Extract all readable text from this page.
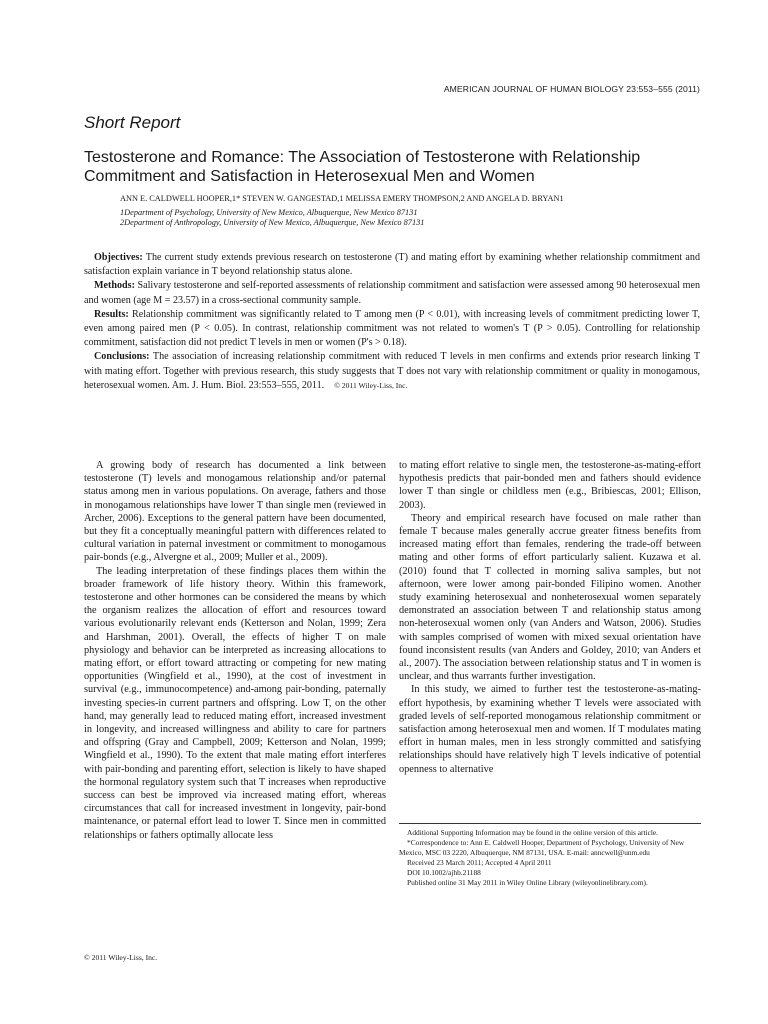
AMERICAN JOURNAL OF HUMAN BIOLOGY 23:553–555 (2011)
Short Report
Testosterone and Romance: The Association of Testosterone with Relationship Commitment and Satisfaction in Heterosexual Men and Women
ANN E. CALDWELL HOOPER,1* STEVEN W. GANGESTAD,1 MELISSA EMERY THOMPSON,2 AND ANGELA D. BRYAN1
1Department of Psychology, University of New Mexico, Albuquerque, New Mexico 87131
2Department of Anthropology, University of New Mexico, Albuquerque, New Mexico 87131

Objectives: The current study extends previous research on testosterone (T) and mating effort by examining whether relationship commitment and satisfaction explain variance in T beyond relationship status alone.

Methods: Salivary testosterone and self-reported assessments of relationship commitment and satisfaction were assessed among 90 heterosexual men and women (age M = 23.57) in a cross-sectional community sample.

Results: Relationship commitment was significantly related to T among men (P < 0.01), with increasing levels of commitment predicting lower T, even among paired men (P < 0.05). In contrast, relationship commitment was not related to women's T (P > 0.05). Controlling for relationship commitment, satisfaction did not predict T levels in men or women (P's > 0.18).

Conclusions: The association of increasing relationship commitment with reduced T levels in men confirms and extends prior research linking T with mating effort. Together with previous research, this study suggests that T does not vary with relationship commitment or quality in monogamous, heterosexual women. Am. J. Hum. Biol. 23:553–555, 2011. © 2011 Wiley-Liss, Inc.

A growing body of research has documented a link between testosterone (T) levels and monogamous relationship and/or paternal status among men in various populations. On average, fathers and those in monogamous relationships have lower T than single men (reviewed in Archer, 2006). Exceptions to the general pattern have been documented, but they fit a conceptually meaningful pattern with differences related to cultural variation in paternal investment or commitment to monogamous pair-bonds (e.g., Alvergne et al., 2009; Muller et al., 2009).

The leading interpretation of these findings places them within the broader framework of life history theory. Within this framework, testosterone and other hormones can be considered the means by which the organism realizes the allocation of effort and resources toward various evolutionarily relevant ends (Ketterson and Nolan, 1999; Zera and Harshman, 2001). Overall, the effects of higher T on male physiology and behavior can be interpreted as increasing allocations to mating effort, or effort toward attracting or competing for new mating opportunities (Wingfield et al., 1990), at the cost of investment in survival (e.g., immunocompetence) and-among pair-bonding, paternally investing species-in current partners and offspring. Low T, on the other hand, may generally lead to reduced mating effort, increased investment in longevity, and increased willingness and ability to care for partners and offspring (Gray and Campbell, 2009; Ketterson and Nolan, 1999; Wingfield et al., 1990). To the extent that male mating effort interferes with pair-bonding and parenting effort, selection is likely to have shaped the hormonal regulatory system such that T increases when reproductive success can best be improved via increased mating effort, whereas circumstances that call for increased investment in longevity, pair-bond maintenance, or paternal effort lead to lower T. Since men in committed relationships or fathers optimally allocate less

to mating effort relative to single men, the testosterone-as-mating-effort hypothesis predicts that pair-bonded men and fathers should evidence lower T than single or childless men (e.g., Bribiescas, 2001; Ellison, 2003).

Theory and empirical research have focused on male rather than female T because males generally accrue greater fitness benefits from increased mating effort than females, rendering the trade-off between mating and other forms of effort particularly salient. Kuzawa et al. (2010) found that T collected in morning saliva samples, but not afternoon, were lower among pair-bonded Filipino women. Another study examining heterosexual and nonheterosexual women separately demonstrated an association between T and relationship status among non-heterosexual women only (van Anders and Watson, 2006). Studies with samples comprised of women with mixed sexual orientation have found inconsistent results (van Anders and Goldey, 2010; van Anders et al., 2007). The association between relationship status and T in women is unclear, and thus warrants further investigation.

In this study, we aimed to further test the testosterone-as-mating-effort hypothesis, by examining whether T levels were associated with graded levels of self-reported monogamous relationship commitment or satisfaction among heterosexual men and women. If T modulates mating effort in human males, men in less strongly committed and satisfying relationships should have relatively high T levels indicative of potential openness to alternative

Additional Supporting Information may be found in the online version of this article.

*Correspondence to: Ann E. Caldwell Hooper, Department of Psychology, University of New Mexico, MSC 03 2220, Albuquerque, NM 87131, USA. E-mail: anncwell@unm.edu

Received 23 March 2011; Accepted 4 April 2011

DOI 10.1002/ajhb.21188

Published online 31 May 2011 in Wiley Online Library (wileyonlinelibrary.com).

© 2011 Wiley-Liss, Inc.
